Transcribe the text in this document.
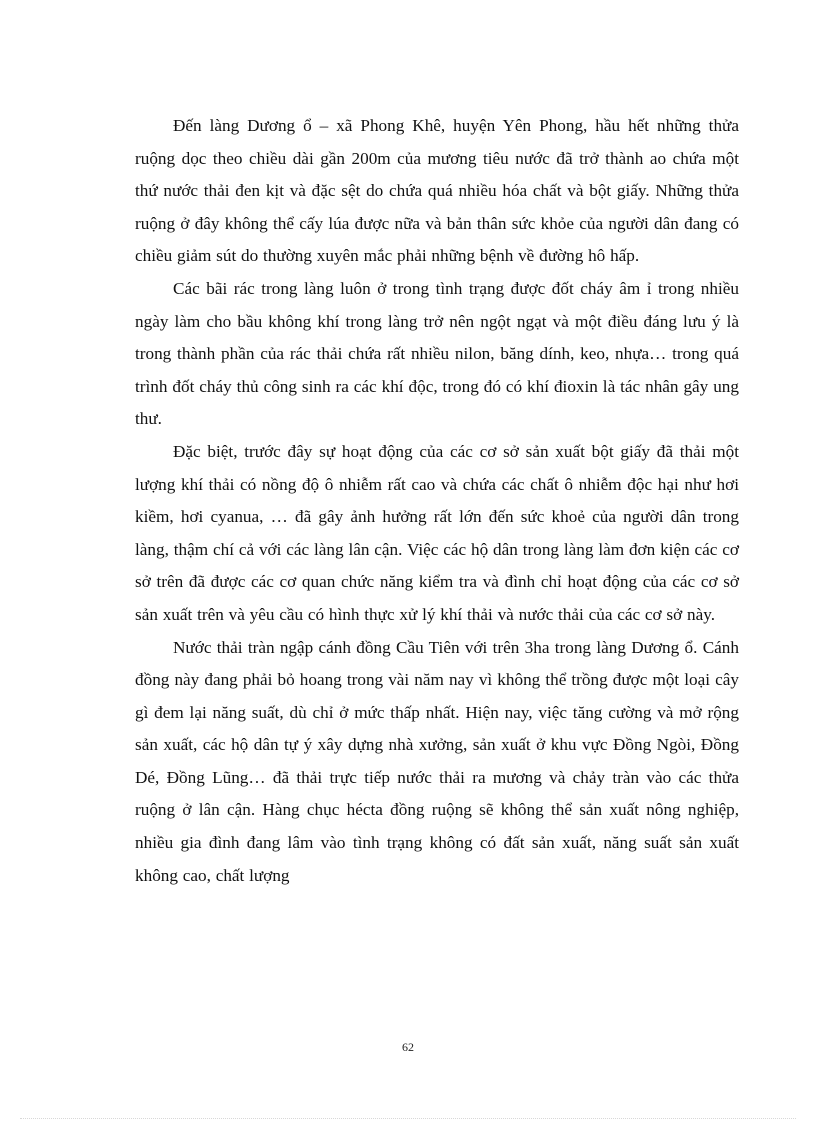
Đến làng Dương ổ – xã Phong Khê, huyện Yên Phong, hầu hết những thửa ruộng dọc theo chiều dài gần 200m của mương tiêu nước đã trở thành ao chứa một thứ nước thải đen kịt và đặc sệt do chứa quá nhiều hóa chất và bột giấy. Những thửa ruộng ở đây không thể cấy lúa được nữa và bản thân sức khỏe của người dân đang có chiều giảm sút do thường xuyên mắc phải những bệnh về đường hô hấp.

Các bãi rác trong làng luôn ở trong tình trạng được đốt cháy âm ỉ trong nhiều ngày làm cho bầu không khí trong làng trở nên ngột ngạt và một điều đáng lưu ý là trong thành phần của rác thải chứa rất nhiều nilon, băng dính, keo, nhựa… trong quá trình đốt cháy thủ công sinh ra các khí độc, trong đó có khí đioxin là tác nhân gây ung thư.

Đặc biệt, trước đây sự hoạt động của các cơ sở sản xuất bột giấy đã thải một lượng khí thải có nồng độ ô nhiễm rất cao và chứa các chất ô nhiễm độc hại như hơi kiềm, hơi cyanua, … đã gây ảnh hưởng rất lớn đến sức khoẻ của người dân trong làng, thậm chí cả với các làng lân cận. Việc các hộ dân trong làng làm đơn kiện các cơ sở trên đã được các cơ quan chức năng kiểm tra và đình chỉ hoạt động của các cơ sở sản xuất trên và yêu cầu có hình thực xử lý khí thải và nước thải của các cơ sở này.

Nước thải tràn ngập cánh đồng Cầu Tiên với trên 3ha trong làng Dương ổ. Cánh đồng này đang phải bỏ hoang trong vài năm nay vì không thể trồng được một loại cây gì đem lại năng suất, dù chỉ ở mức thấp nhất. Hiện nay, việc tăng cường và mở rộng sản xuất, các hộ dân tự ý xây dựng nhà xưởng, sản xuất ở khu vực Đồng Ngòi, Đồng Dé, Đồng Lũng… đã thải trực tiếp nước thải ra mương và chảy tràn vào các thửa ruộng ở lân cận. Hàng chục hécta đồng ruộng sẽ không thể sản xuất nông nghiệp, nhiều gia đình đang lâm vào tình trạng không có đất sản xuất, năng suất sản xuất không cao, chất lượng

62
